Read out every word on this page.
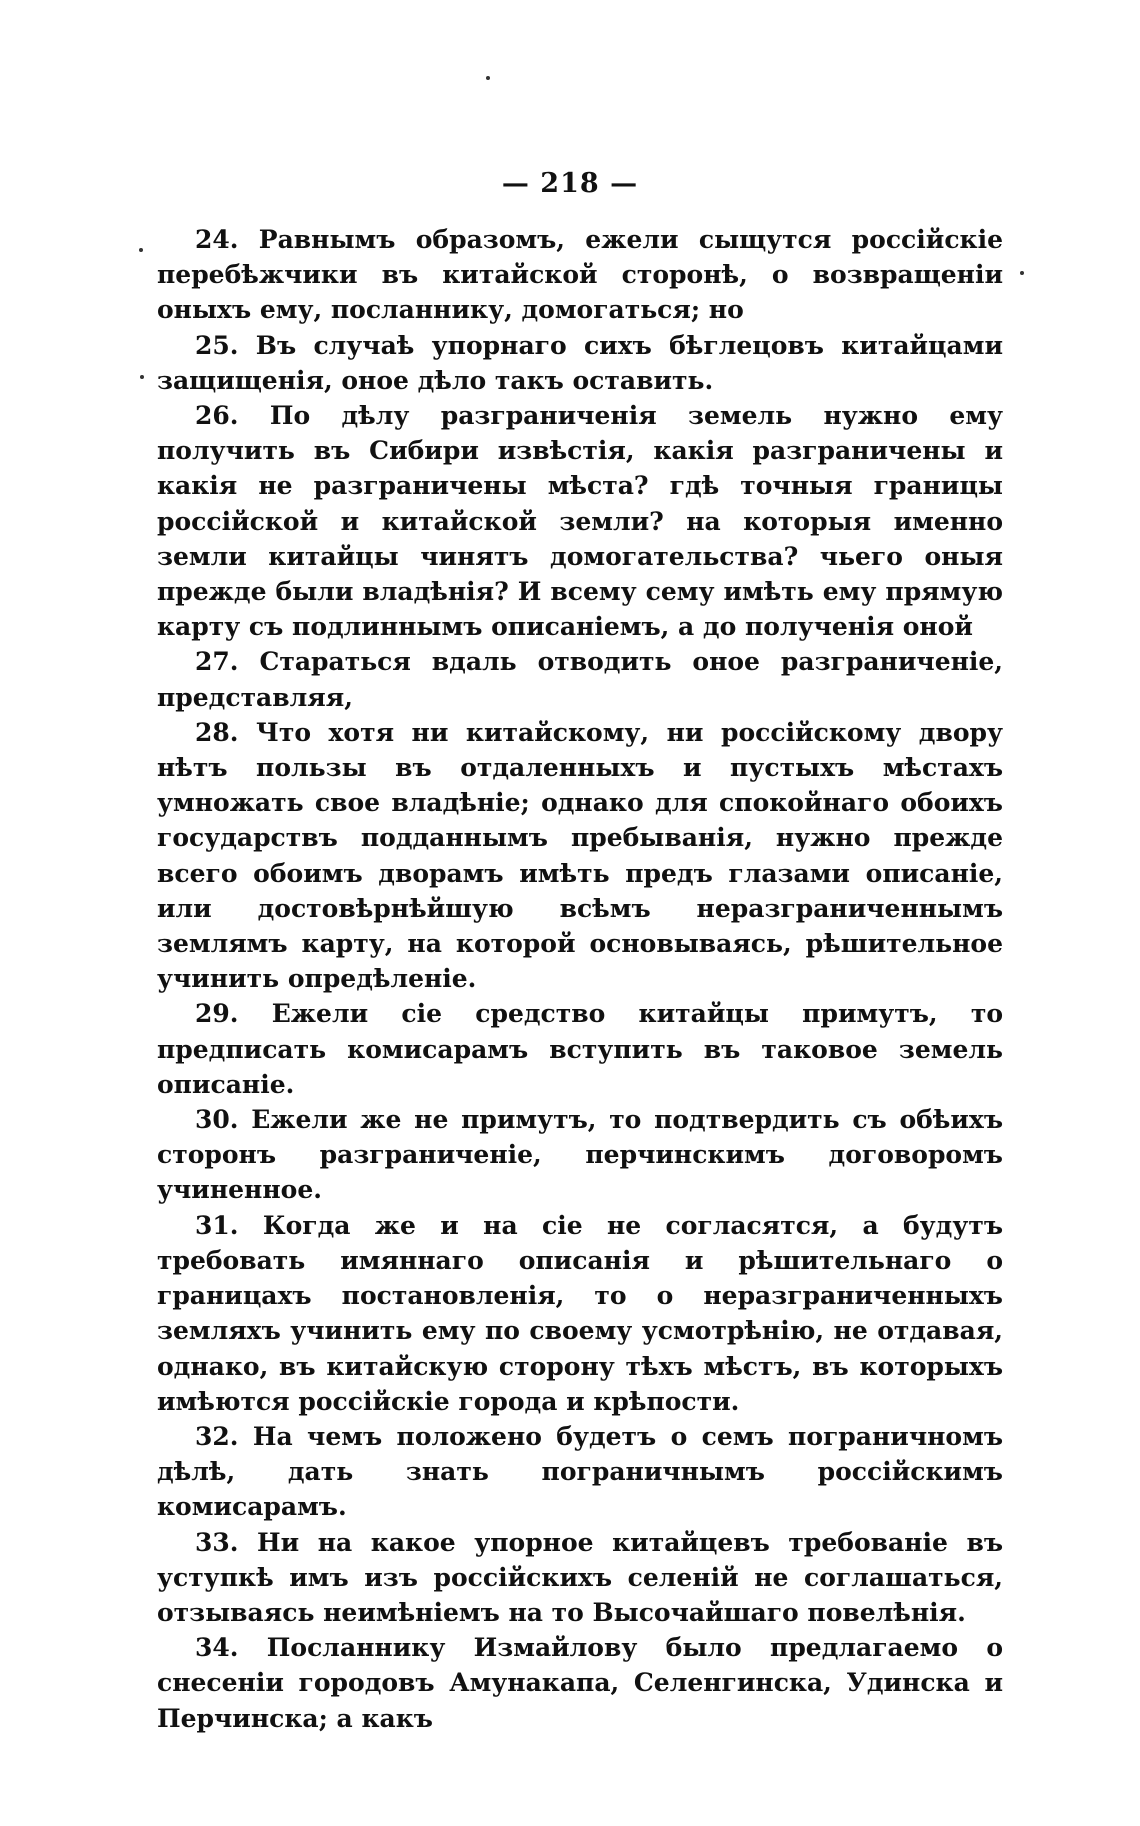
— 218 —

24. Равнымъ образомъ, ежели сыщутся россійскіе перебѣжчики въ китайской сторонѣ, о возвращеніи оныхъ ему, посланнику, домогаться; но

25. Въ случаѣ упорнаго сихъ бѣглецовъ китайцами защищенія, оное дѣло такъ оставить.

26. По дѣлу разграниченія земель нужно ему получить въ Сибири извѣстія, какія разграничены и какія не разграничены мѣста? гдѣ точныя границы россійской и китайской земли? на которыя именно земли китайцы чинятъ домогательства? чьего оныя прежде были владѣнія? И всему сему имѣть ему прямую карту съ подлиннымъ описаніемъ, а до полученія оной

27. Стараться вдаль отводить оное разграниченіе, представляя,

28. Что хотя ни китайскому, ни россійскому двору нѣтъ пользы въ отдаленныхъ и пустыхъ мѣстахъ умножать свое владѣніе; однако для спокойнаго обоихъ государствъ подданнымъ пребыванія, нужно прежде всего обоимъ дворамъ имѣть предъ глазами описаніе, или достовѣрнѣйшую всѣмъ неразграниченнымъ землямъ карту, на которой основываясь, рѣшительное учинить опредѣленіе.

29. Ежели сіе средство китайцы примутъ, то предписать комисарамъ вступить въ таковое земель описаніе.

30. Ежели же не примутъ, то подтвердить съ обѣихъ сторонъ разграниченіе, перчинскимъ договоромъ учиненное.

31. Когда же и на сіе не согласятся, а будутъ требовать имяннаго описанія и рѣшительнаго о границахъ постановленія, то о неразграниченныхъ земляхъ учинить ему по своему усмотрѣнію, не отдавая, однако, въ китайскую сторону тѣхъ мѣстъ, въ которыхъ имѣются россійскіе города и крѣпости.

32. На чемъ положено будетъ о семъ пограничномъ дѣлѣ, дать знать пограничнымъ россійскимъ комисарамъ.

33. Ни на какое упорное китайцевъ требованіе въ уступкѣ имъ изъ россійскихъ селеній не соглашаться, отзываясь неимѣніемъ на то Высочайшаго повелѣнія.

34. Посланнику Измайлову было предлагаемо о снесеніи городовъ Амунакапа, Селенгинска, Удинска и Перчинска; а какъ
